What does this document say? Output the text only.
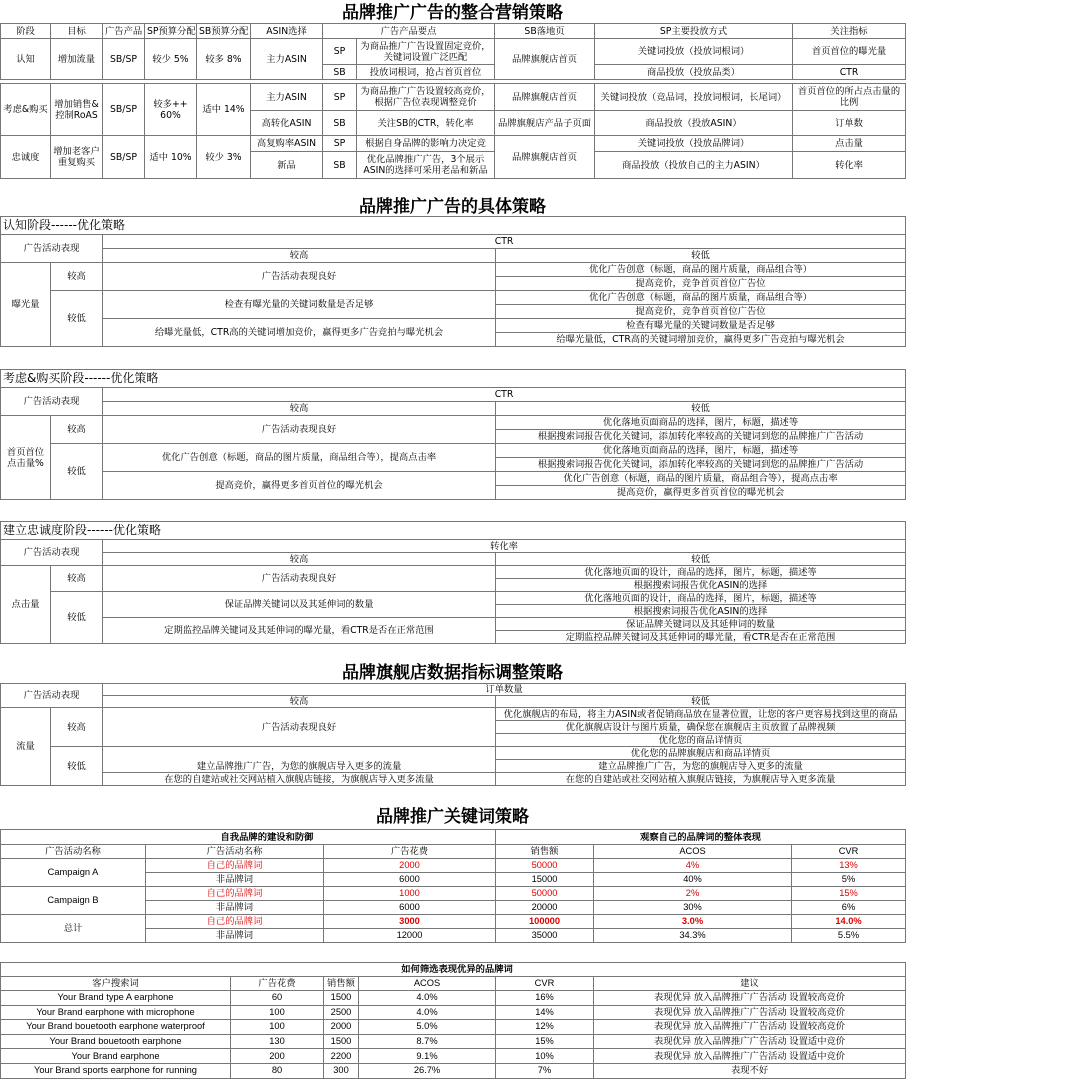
品牌推广广告的整合营销策略
阶段	目标	广告产品	SP预算分配	SB预算分配	ASIN选择	广告产品要点		SB落地页	SP主要投放方式	关注指标
认知	增加流量	SB/SP	较少 5%	较多 8%	主力ASIN	SP	为商品推广广告设置固定竞价，关键词设置广泛匹配	品牌旗舰店首页	关键词投放（投放词根词）	首页首位的曝光量
						SB	投放词根词，抢占首页首位		商品投放（投放品类）	CTR

考虑&购买	增加销售&控制RoAS	SB/SP	较多++ 60%	适中 14%	主力ASIN	SP	为商品推广广告设置较高竞价，根据广告位表现调整竞价	品牌旗舰店首页	关键词投放（竞品词，投放词根词，长尾词）	首页首位的所占点击量的比例
					高转化ASIN	SB	关注SB的CTR，转化率	品牌旗舰店产品子页面	商品投放（投放ASIN）	订单数
忠诚度	增加老客户重复购买	SB/SP	适中 10%	较少 3%	高复购率ASIN	SP	根据自身品牌的影响力决定竞	品牌旗舰店首页	关键词投放（投放品牌词）	点击量
					新品	SB	优化品牌推广广告，3个展示ASIN的选择可采用老品和新品		商品投放（投放自己的主力ASIN）	转化率
品牌推广广告的具体策略
认知阶段------优化策略			
广告活动表现		CTR	
		较高	较低
曝光量	较高	广告活动表现良好	优化广告创意（标题，商品的图片质量，商品组合等）
			提高竞价，竞争首页首位广告位
	较低	检查有曝光量的关键词数量是否足够	优化广告创意（标题，商品的图片质量，商品组合等）
			提高竞价，竞争首页首位广告位
		给曝光量低，CTR高的关键词增加竞价，赢得更多广告竞拍与曝光机会	检查有曝光量的关键词数量是否足够
			给曝光量低，CTR高的关键词增加竞价，赢得更多广告竞拍与曝光机会
考虑&购买阶段------优化策略			
广告活动表现		CTR	
		较高	较低
首页首位点击量%	较高	广告活动表现良好	优化落地页面商品的选择，图片，标题，描述等
			根据搜索词报告优化关键词，添加转化率较高的关键词到您的品牌推广广告活动
	较低	优化广告创意（标题，商品的图片质量，商品组合等），提高点击率	优化落地页面商品的选择，图片，标题，描述等
			根据搜索词报告优化关键词，添加转化率较高的关键词到您的品牌推广广告活动
		提高竞价，赢得更多首页首位的曝光机会	优化广告创意（标题，商品的图片质量，商品组合等），提高点击率
			提高竞价，赢得更多首页首位的曝光机会
建立忠诚度阶段------优化策略			
广告活动表现		转化率	
		较高	较低
点击量	较高	广告活动表现良好	优化落地页面的设计，商品的选择，图片，标题，描述等
			根据搜索词报告优化ASIN的选择
	较低	保证品牌关键词以及其延伸词的数量	优化落地页面的设计，商品的选择，图片，标题，描述等
			根据搜索词报告优化ASIN的选择
		定期监控品牌关键词及其延伸词的曝光量，看CTR是否在正常范围	保证品牌关键词以及其延伸词的数量
			定期监控品牌关键词及其延伸词的曝光量，看CTR是否在正常范围
品牌旗舰店数据指标调整策略
广告活动表现		订单数量	
		较高	较低
流量	较高	广告活动表现良好	优化旗舰店的布局，将主力ASIN或者促销商品放在显著位置，让您的客户更容易找到这里的商品
			优化旗舰店设计与图片质量，确保您在旗舰店主页放置了品牌视频
			优化您的商品详情页
	较低	建立品牌推广广告，为您的旗舰店导入更多的流量	优化您的品牌旗舰店和商品详情页
			建立品牌推广广告，为您的旗舰店导入更多的流量
		在您的自建站或社交网站植入旗舰店链接，为旗舰店导入更多流量	在您的自建站或社交网站植入旗舰店链接，为旗舰店导入更多流量
品牌推广关键词策略
自我品牌的建设和防御			观察自己的品牌词的整体表现		
广告活动名称	广告活动名称	广告花费	销售额	ACOS	CVR
Campaign A	自己的品牌词	2000	50000	4%	13%
	非品牌词	6000	15000	40%	5%
Campaign B	自己的品牌词	1000	50000	2%	15%
	非品牌词	6000	20000	30%	6%
总计	自己的品牌词	3000	100000	3.0%	14.0%
	非品牌词	12000	35000	34.3%	5.5%
如何筛选表现优异的品牌词					
客户搜索词	广告花费	销售额	ACOS	CVR	建议
Your Brand type A earphone	60	1500	4.0%	16%	表现优异 放入品牌推广广告活动 设置较高竞价
Your Brand earphone with microphone	100	2500	4.0%	14%	表现优异 放入品牌推广广告活动 设置较高竞价
Your Brand bouetooth earphone waterproof	100	2000	5.0%	12%	表现优异 放入品牌推广广告活动 设置较高竞价
Your Brand bouetooth earphone	130	1500	8.7%	15%	表现优异 放入品牌推广广告活动 设置适中竞价
Your Brand earphone	200	2200	9.1%	10%	表现优异 放入品牌推广广告活动 设置适中竞价
Your Brand sports earphone for running	80	300	26.7%	7%	表现不好
